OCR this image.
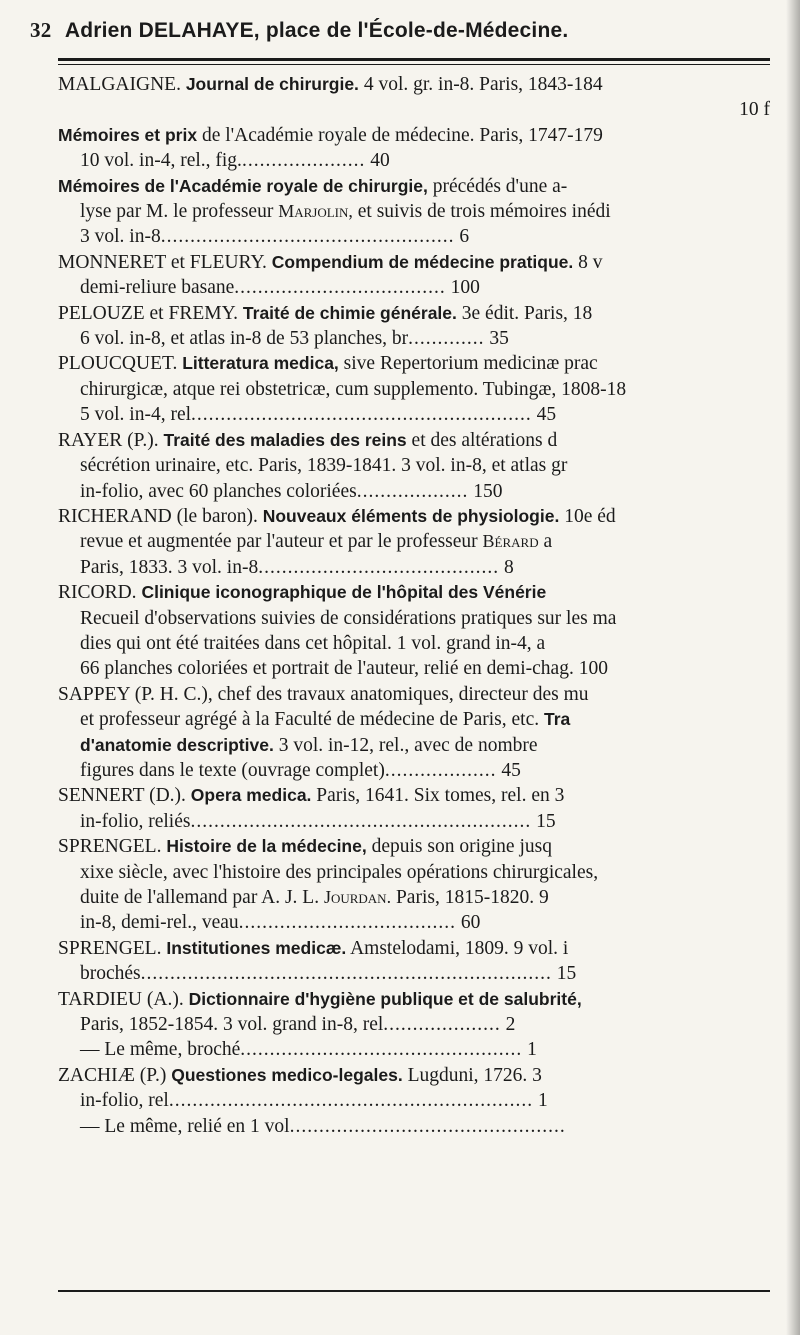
32 Adrien DELAHAYE, place de l'École-de-Médecine.
MALGAIGNE. Journal de chirurgie. 4 vol. gr. in-8. Paris, 1843-184
10 f
Mémoires et prix de l'Académie royale de médecine. Paris, 1747-179
10 vol. in-4, rel., fig...................... 40
Mémoires de l'Académie royale de chirurgie, précédés d'une a-
lyse par M. le professeur Marjolin, et suivis de trois mémoires inédi
3 vol. in-8.................................................. 6
MONNERET et FLEURY. Compendium de médecine pratique. 8 v
demi-reliure basane.................................... 100
PELOUZE et FREMY. Traité de chimie générale. 3e édit. Paris, 18
6 vol. in-8, et atlas in-8 de 53 planches, br............. 35
PLOUCQUET. Litteratura medica, sive Repertorium medicinæ prac
chirurgicæ, atque rei obstetricæ, cum supplemento. Tubingæ, 1808-18
5 vol. in-4, rel.......................................................... 45
RAYER (P.). Traité des maladies des reins et des altérations d
sécrétion urinaire, etc. Paris, 1839-1841. 3 vol. in-8, et atlas gr
in-folio, avec 60 planches coloriées................... 150
RICHERAND (le baron). Nouveaux éléments de physiologie. 10e éd
revue et augmentée par l'auteur et par le professeur Bérard a
Paris, 1833. 3 vol. in-8......................................... 8
RICORD. Clinique iconographique de l'hôpital des Vénérie
Recueil d'observations suivies de considérations pratiques sur les ma
dies qui ont été traitées dans cet hôpital. 1 vol. grand in-4, a
66 planches coloriées et portrait de l'auteur, relié en demi-chag. 100
SAPPEY (P. H. C.), chef des travaux anatomiques, directeur des mu
et professeur agrégé à la Faculté de médecine de Paris, etc. Tra
d'anatomie descriptive. 3 vol. in-12, rel., avec de nombre
figures dans le texte (ouvrage complet)................... 45
SENNERT (D.). Opera medica. Paris, 1641. Six tomes, rel. en 3
in-folio, reliés.......................................................... 15
SPRENGEL. Histoire de la médecine, depuis son origine jusq
xixe siècle, avec l'histoire des principales opérations chirurgicales,
duite de l'allemand par A. J. L. Jourdan. Paris, 1815-1820. 9
in-8, demi-rel., veau..................................... 60
SPRENGEL. Institutiones medicæ. Amstelodami, 1809. 9 vol. i
brochés...................................................................... 15
TARDIEU (A.). Dictionnaire d'hygiène publique et de salubrité,
Paris, 1852-1854. 3 vol. grand in-8, rel.................... 2
— Le même, broché................................................ 1
ZACHIÆ (P.) Questiones medico-legales. Lugduni, 1726. 3
in-folio, rel.............................................................. 1
— Le même, relié en 1 vol...............................................
